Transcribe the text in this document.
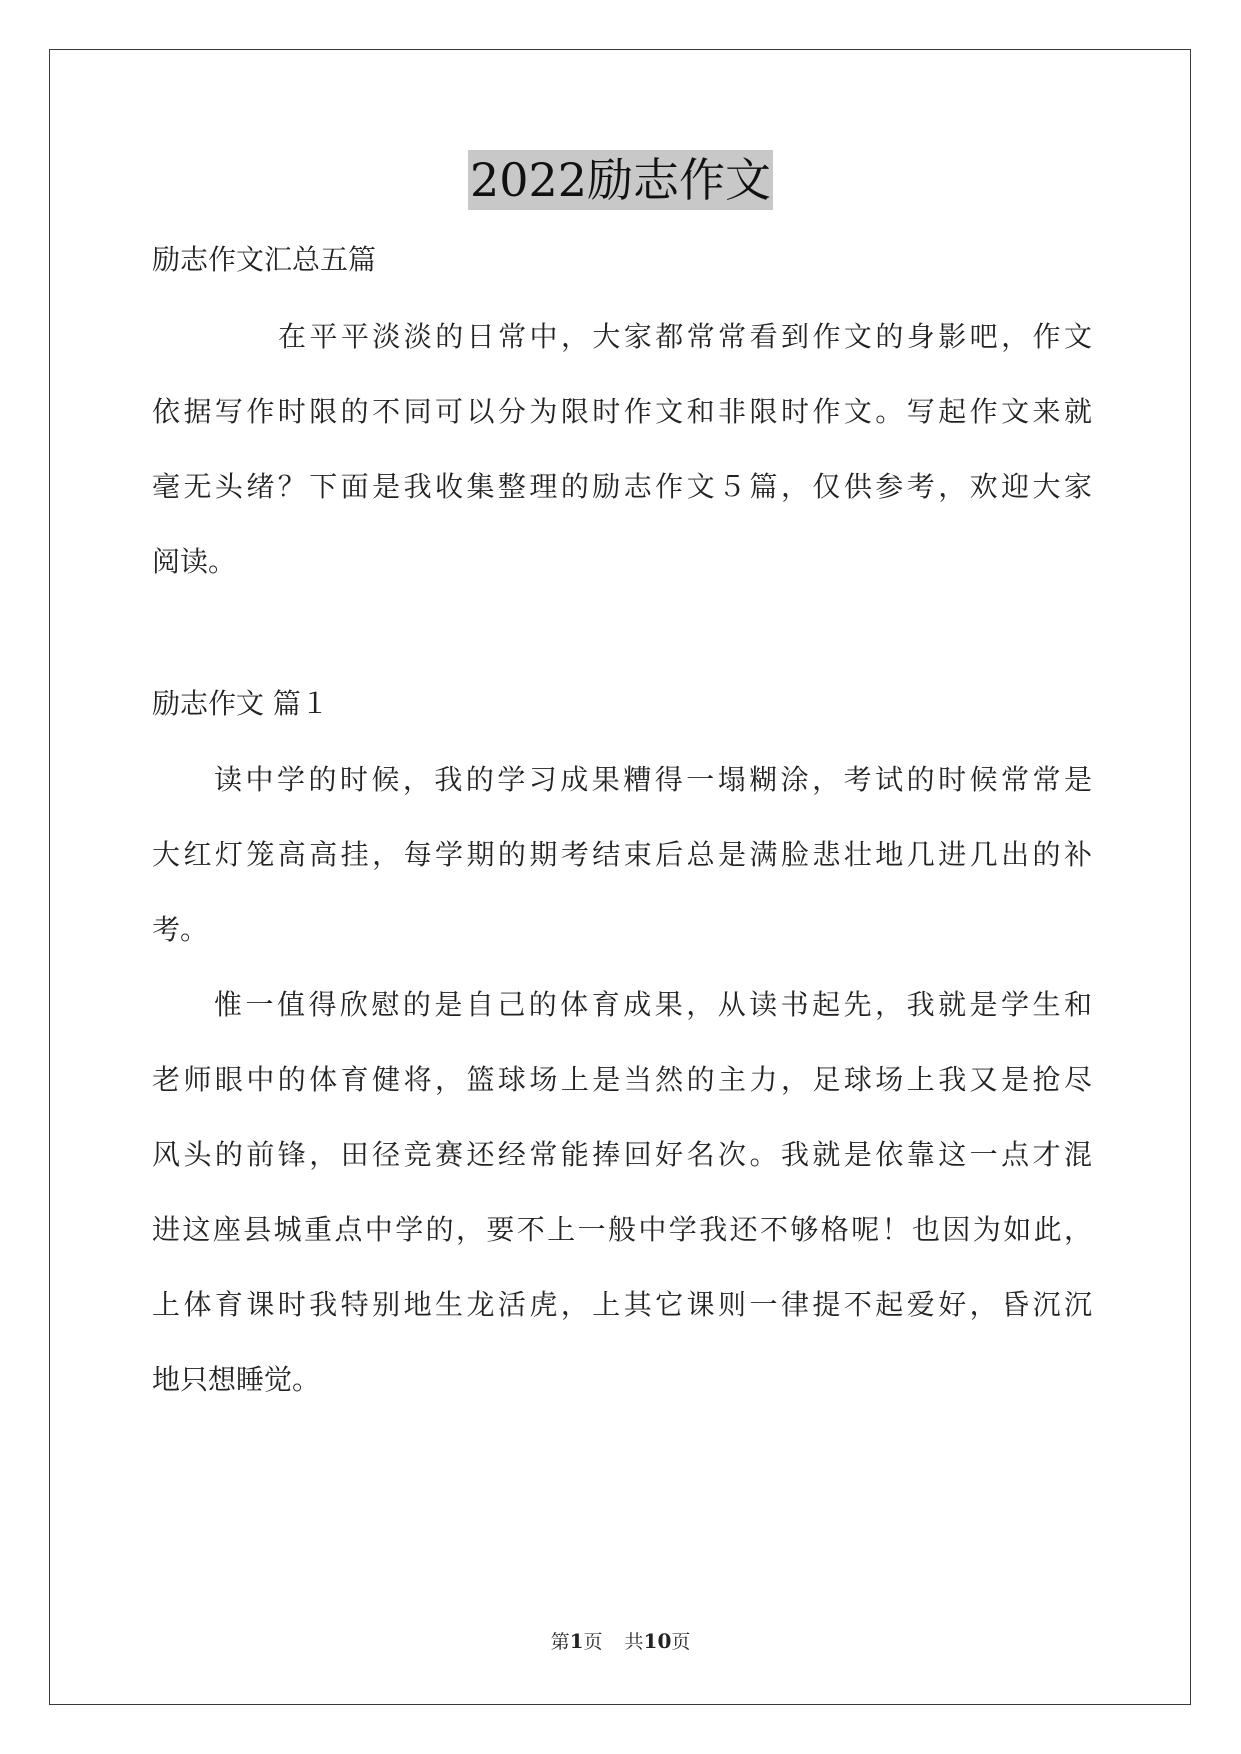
2022励志作文
励志作文汇总五篇
在平平淡淡的日常中，大家都常常看到作文的身影吧，作文
依据写作时限的不同可以分为限时作文和非限时作文。写起作文来就
毫无头绪？下面是我收集整理的励志作文５篇，仅供参考，欢迎大家
阅读。
励志作文 篇１
读中学的时候，我的学习成果糟得一塌糊涂，考试的时候常常是
大红灯笼高高挂，每学期的期考结束后总是满脸悲壮地几进几出的补
考。
惟一值得欣慰的是自己的体育成果，从读书起先，我就是学生和
老师眼中的体育健将，篮球场上是当然的主力，足球场上我又是抢尽
风头的前锋，田径竞赛还经常能捧回好名次。我就是依靠这一点才混
进这座县城重点中学的，要不上一般中学我还不够格呢！也因为如此，
上体育课时我特别地生龙活虎，上其它课则一律提不起爱好，昏沉沉
地只想睡觉。
第1页 共10页
